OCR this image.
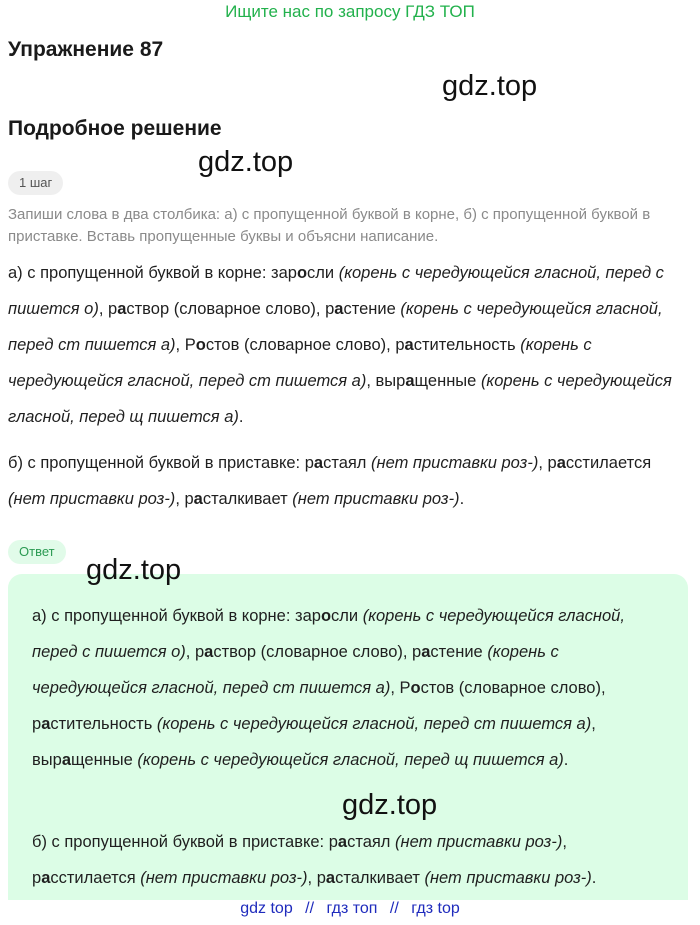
Ищите нас по запросу ГДЗ ТОП
Упражнение 87
gdz.top
Подробное решение
gdz.top
1 шаг
Запиши слова в два столбика: а) с пропущенной буквой в корне, б) с пропущенной буквой в приставке. Вставь пропущенные буквы и объясни написание.
а) с пропущенной буквой в корне: заросли (корень с чередующейся гласной, перед с пишется о), раствор (словарное слово), растение (корень с чередующейся гласной, перед ст пишется а), Ростов (словарное слово), растительность (корень с чередующейся гласной, перед ст пишется а), выращенные (корень с чередующейся гласной, перед щ пишется а).
б) с пропущенной буквой в приставке: растаял (нет приставки роз-), расстилается (нет приставки роз-), расталкивает (нет приставки роз-).
Ответ
gdz.top
а) с пропущенной буквой в корне: заросли (корень с чередующейся гласной, перед с пишется о), раствор (словарное слово), растение (корень с чередующейся гласной, перед ст пишется а), Ростов (словарное слово), растительность (корень с чередующейся гласной, перед ст пишется а), выращенные (корень с чередующейся гласной, перед щ пишется а).
gdz.top
б) с пропущенной буквой в приставке: растаял (нет приставки роз-), расстилается (нет приставки роз-), расталкивает (нет приставки роз-).
gdz top // гдз топ // гдз top
